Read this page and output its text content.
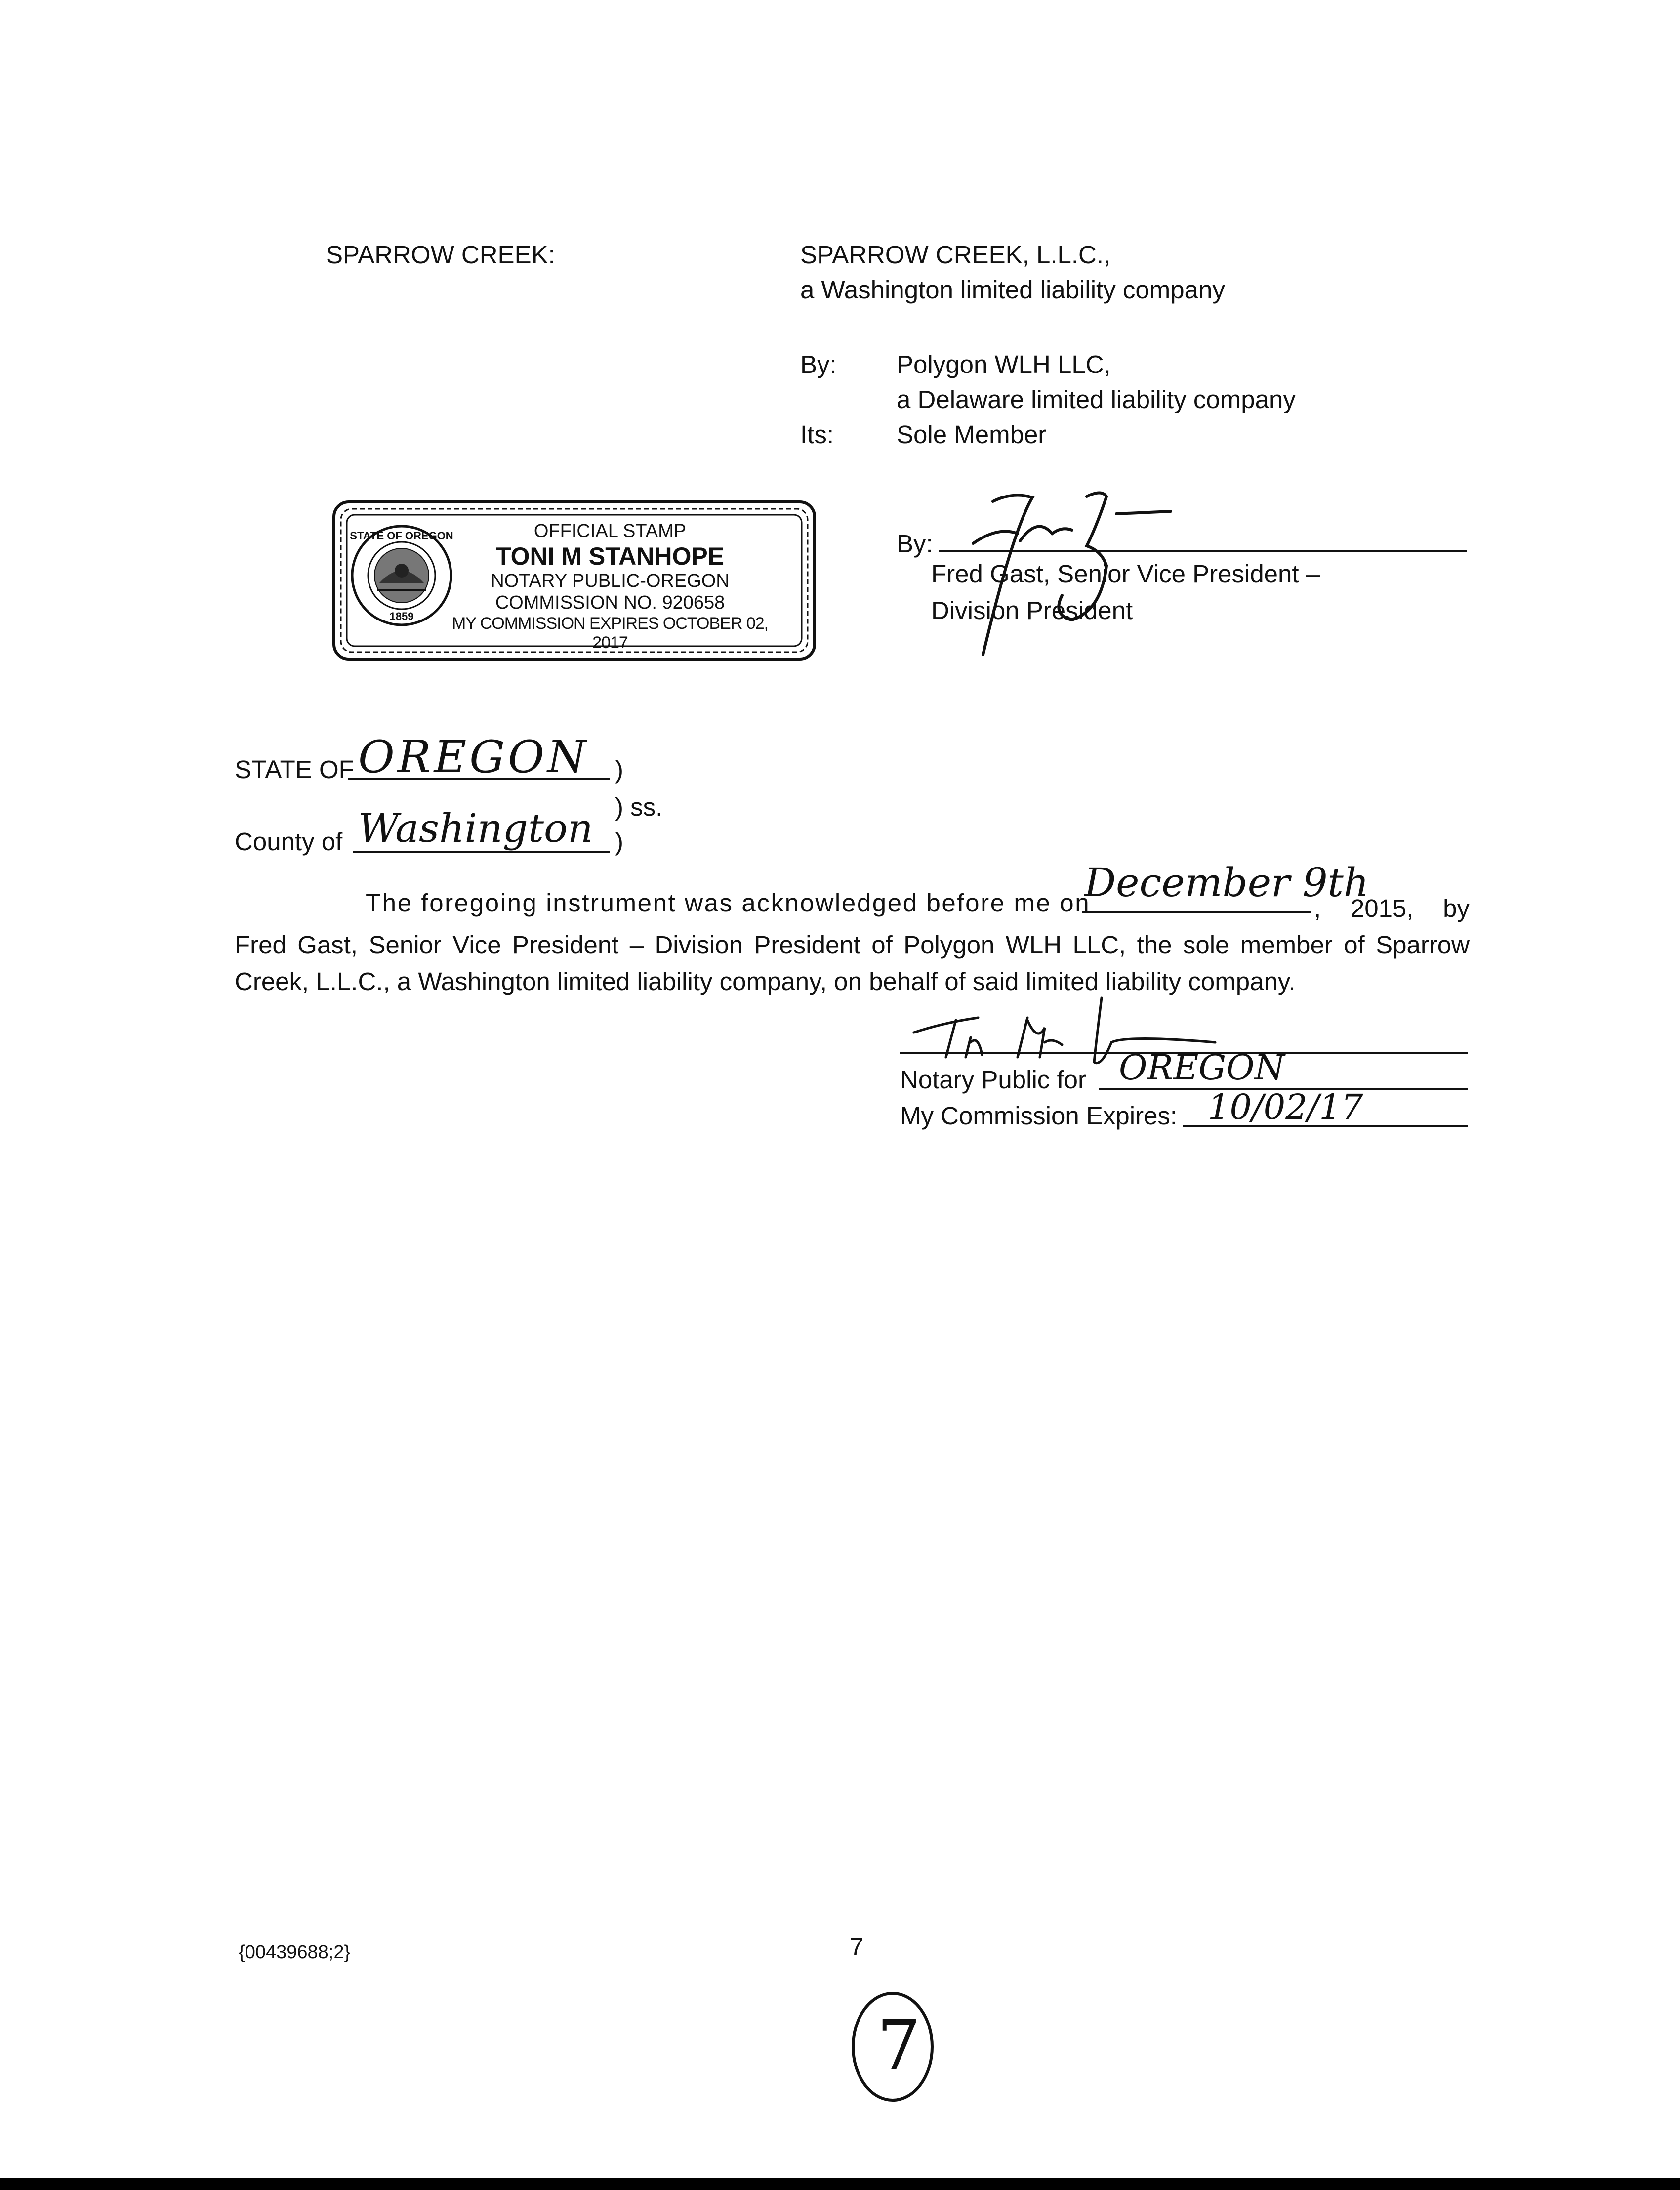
SPARROW CREEK:	SPARROW CREEK, L.L.C.,
a Washington limited liability company
By: Polygon WLH LLC,
a Delaware limited liability company
Its: Sole Member
STATE OF OREGON
1859
OFFICIAL STAMP
TONI M STANHOPE
NOTARY PUBLIC-OREGON
COMMISSION NO. 920658
MY COMMISSION EXPIRES OCTOBER 02, 2017
By:
Fred Gast, Senior Vice President –
Division President
STATE OF OREGON )
) ss.
County of Washington )
The foregoing instrument was acknowledged before me on
December 9th
, 2015, by Fred Gast, Senior Vice President – Division President of Polygon WLH LLC, the sole member of Sparrow Creek, L.L.C., a Washington limited liability company, on behalf of said limited liability company.
Notary Public for OREGON
My Commission Expires: 10/02/17
{00439688;2}	7
7
